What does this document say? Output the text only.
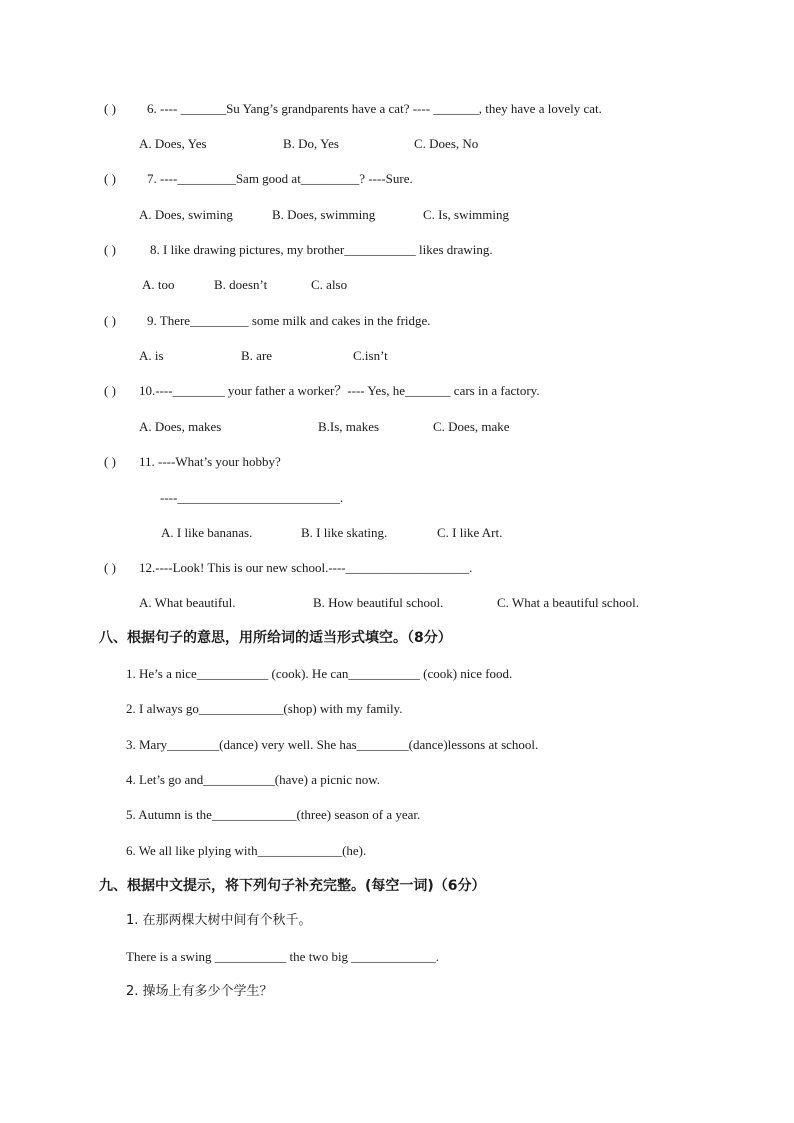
( ) 6. ---- _______Su Yang’s grandparents have a cat? ---- _______, they have a lovely cat.
A. Does, Yes	B. Do, Yes	C. Does, No
( ) 7. ----_________Sam good at_________? ----Sure.
A. Does, swiming	B. Does, swimming	C. Is, swimming
( )	8. I like drawing pictures, my brother___________ likes drawing.
A. too	B. doesn’t	C. also
( ) 9. There_________ some milk and cakes in the fridge.
A. is	B. are	C.isn’t
( ) 10.----________ your father a worker？---- Yes, he_______ cars in a factory.
A. Does, makes	B.Is, makes	C. Does, make
( ) 11. ----What’s your hobby?
----_________________________.
A. I like bananas.	B. I like skating.	C. I like Art.
( ) 12.----Look! This is our new school.----___________________.
A. What beautiful.	B. How beautiful school.	C. What a beautiful school.
八、根据句子的意思，用所给词的适当形式填空。（8分）
1. He’s a nice___________ (cook). He can___________ (cook) nice food.
2. I always go_____________(shop) with my family.
3. Mary________(dance) very well. She has________(dance)lessons at school.
4. Let’s go and___________(have) a picnic now.
5. Autumn is the_____________(three) season of a year.
6. We all like plying with_____________(he).
九、根据中文提示，将下列句子补充完整。(每空一词)（6分）
1. 在那两棵大树中间有个秋千。
There is a swing ___________ the two big _____________.
2. 操场上有多少个学生？
